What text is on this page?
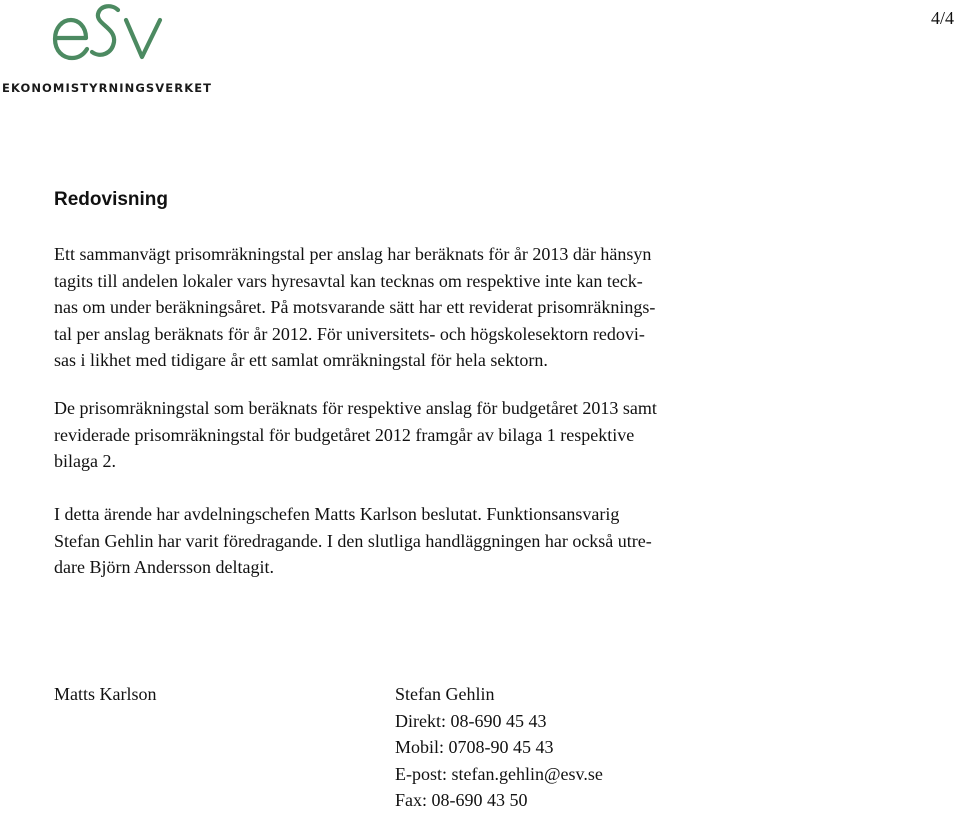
EKONOMISTYRNINGSVERKET
4/4
Redovisning
Ett sammanvägt prisomräkningstal per anslag har beräknats för år 2013 där hänsyn
tagits till andelen lokaler vars hyresavtal kan tecknas om respektive inte kan teck-
nas om under beräkningsåret. På motsvarande sätt har ett reviderat prisomräknings-
tal per anslag beräknats för år 2012. För universitets- och högskolesektorn redovi-
sas i likhet med tidigare år ett samlat omräkningstal för hela sektorn.
De prisomräkningstal som beräknats för respektive anslag för budgetåret 2013 samt
reviderade prisomräkningstal för budgetåret 2012 framgår av bilaga 1 respektive
bilaga 2.
I detta ärende har avdelningschefen Matts Karlson beslutat. Funktionsansvarig
Stefan Gehlin har varit föredragande. I den slutliga handläggningen har också utre-
dare Björn Andersson deltagit.
Matts Karlson	Stefan Gehlin
Direkt: 08-690 45 43
Mobil: 0708-90 45 43
E-post: stefan.gehlin@esv.se
Fax: 08-690 43 50
